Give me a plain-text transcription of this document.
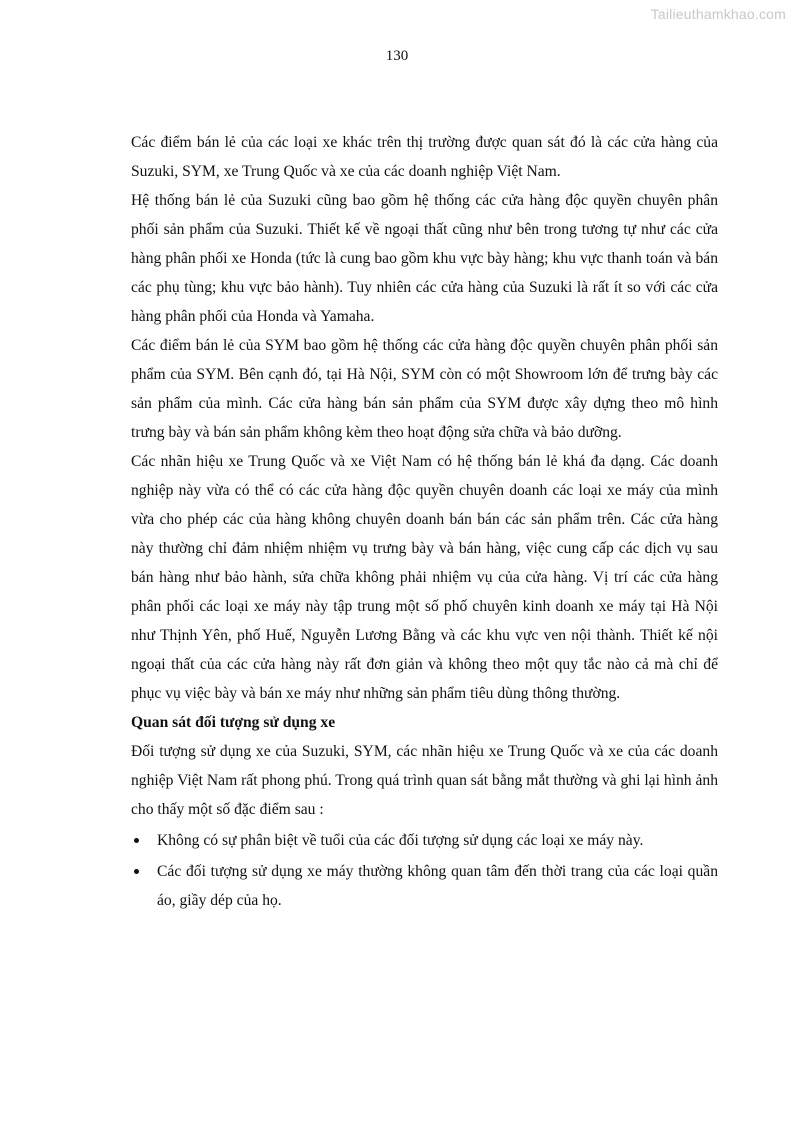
Tailieuthamkhao.com
130

Các điểm bán lẻ của các loại xe khác trên thị trường được quan sát đó là các cửa hàng của Suzuki, SYM, xe Trung Quốc và xe của các doanh nghiệp Việt Nam.

Hệ thống bán lẻ của Suzuki cũng bao gồm hệ thống các cửa hàng độc quyền chuyên phân phối sản phẩm của Suzuki. Thiết kế về ngoại thất cũng như bên trong tương tự như các cửa hàng phân phối xe Honda (tức là cung bao gồm khu vực bày hàng; khu vực thanh toán và bán các phụ tùng; khu vực bảo hành). Tuy nhiên các cửa hàng của Suzuki là rất ít so với các cửa hàng phân phối của Honda và Yamaha.

Các điểm bán lẻ của SYM bao gồm hệ thống các cửa hàng độc quyền chuyên phân phối sản phẩm của SYM. Bên cạnh đó, tại Hà Nội, SYM còn có một Showroom lớn để trưng bày các sản phẩm của mình. Các cửa hàng bán sản phẩm của SYM được xây dựng theo mô hình trưng bày và bán sản phẩm không kèm theo hoạt động sửa chữa và bảo dưỡng.

Các nhãn hiệu xe Trung Quốc và xe Việt Nam có hệ thống bán lẻ khá đa dạng. Các doanh nghiệp này vừa có thể có các cửa hàng độc quyền chuyên doanh các loại xe máy của mình vừa cho phép các của hàng không chuyên doanh bán bán các sản phẩm trên. Các cửa hàng này thường chỉ đảm nhiệm nhiệm vụ trưng bày và bán hàng, việc cung cấp các dịch vụ sau bán hàng như bảo hành, sửa chữa không phải nhiệm vụ của cửa hàng. Vị trí các cửa hàng phân phối các loại xe máy này tập trung một số phố chuyên kinh doanh xe máy tại Hà Nội như Thịnh Yên, phố Huế, Nguyễn Lương Bằng và các khu vực ven nội thành. Thiết kế nội ngoại thất của các cửa hàng này rất đơn giản và không theo một quy tắc nào cả mà chỉ để phục vụ việc bày và bán xe máy như những sản phẩm tiêu dùng thông thường.

Quan sát đối tượng sử dụng xe

Đối tượng sử dụng xe của Suzuki, SYM, các nhãn hiệu xe Trung Quốc và xe của các doanh nghiệp Việt Nam rất phong phú. Trong quá trình quan sát bằng mắt thường và ghi lại hình ảnh cho thấy một số đặc điểm sau :

Không có sự phân biệt về tuổi của các đối tượng sử dụng các loại xe máy này.
Các đối tượng sử dụng xe máy thường không quan tâm đến thời trang của các loại quần áo, giầy dép của họ.
